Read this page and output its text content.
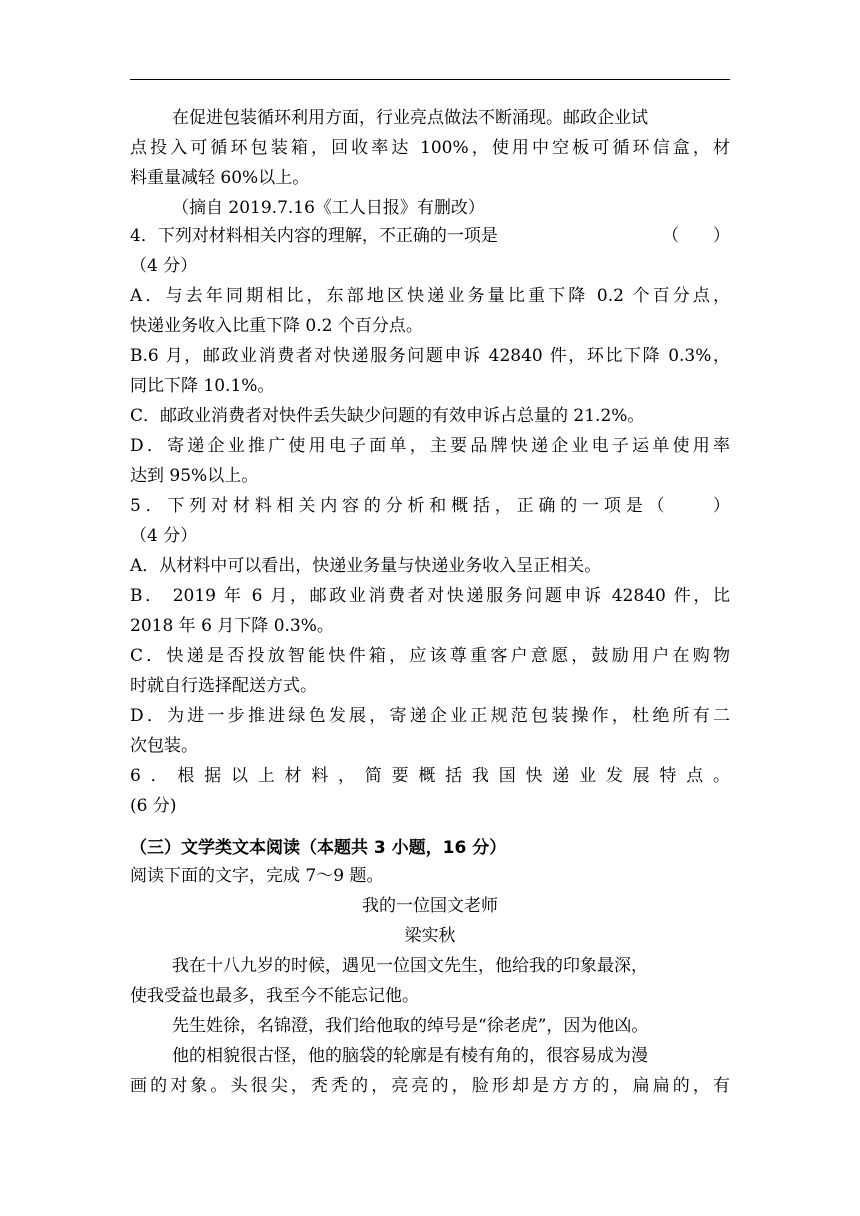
在促进包装循环利用方面，行业亮点做法不断涌现。邮政企业试
点投入可循环包装箱，回收率达 100%，使用中空板可循环信盒，材
料重量减轻 60%以上。
（摘自 2019.7.16《工人日报》有删改）
4．下列对材料相关内容的理解，不正确的一项是	（　　）
（4 分）
A．与去年同期相比，东部地区快递业务量比重下降 0.2 个百分点，
快递业务收入比重下降 0.2 个百分点。
B.6 月，邮政业消费者对快递服务问题申诉 42840 件，环比下降 0.3%，
同比下降 10.1%。
C．邮政业消费者对快件丢失缺少问题的有效申诉占总量的 21.2%。
D．寄递企业推广使用电子面单，主要品牌快递企业电子运单使用率
达到 95%以上。
5．下列对材料相关内容的分析和概括，正确的一项是（　　）
（4 分）
A．从材料中可以看出，快递业务量与快递业务收入呈正相关。
B． 2019 年 6 月，邮政业消费者对快递服务问题申诉 42840 件，比
2018 年 6 月下降 0.3%。
C．快递是否投放智能快件箱，应该尊重客户意愿，鼓励用户在购物
时就自行选择配送方式。
D．为进一步推进绿色发展，寄递企业正规范包装操作，杜绝所有二
次包装。
6．根据以上材料，简要概括我国快递业发展特点。
(6 分)
（三）文学类文本阅读（本题共 3 小题，16 分）
阅读下面的文字，完成 7～9 题。
我的一位国文老师
梁实秋
我在十八九岁的时候，遇见一位国文先生，他给我的印象最深，
使我受益也最多，我至今不能忘记他。
先生姓徐，名锦澄，我们给他取的绰号是“徐老虎”，因为他凶。
他的相貌很古怪，他的脑袋的轮廓是有棱有角的，很容易成为漫
画的对象。头很尖，秃秃的，亮亮的，脸形却是方方的，扁扁的，有
